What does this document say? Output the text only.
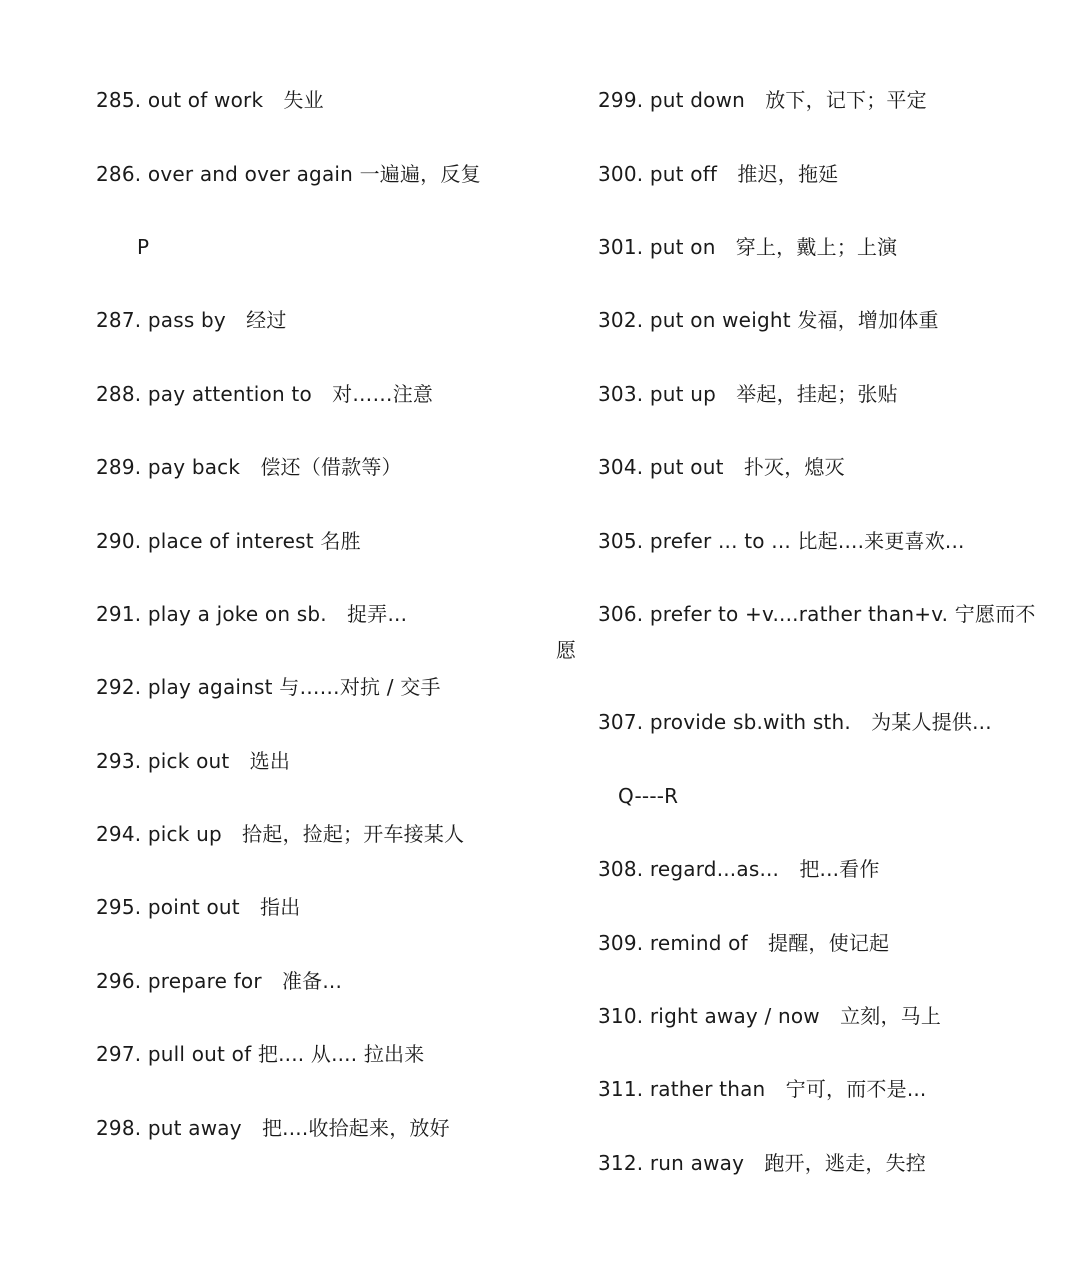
285. out of work　失业
286. over and over again 一遍遍，反复
P
287. pass by　经过
288. pay attention to　对……注意
289. pay back　偿还（借款等）
290. place of interest 名胜
291. play a joke on sb.　捉弄...
292. play against 与……对抗 / 交手
293. pick out　选出
294. pick up　拾起，捡起；开车接某人
295. point out　指出
296. prepare for　准备...
297. pull out of 把.... 从.... 拉出来
298. put away　把....收拾起来，放好
299. put down　放下，记下；平定
300. put off　推迟，拖延
301. put on　穿上，戴上；上演
302. put on weight 发福，增加体重
303. put up　举起，挂起；张贴
304. put out　扑灭，熄灭
305. prefer ... to ... 比起....来更喜欢...
306. prefer to +v....rather than+v. 宁愿而不
愿
307. provide sb.with sth.　为某人提供...
Q----R
308. regard...as...　把...看作
309. remind of　提醒，使记起
310. right away / now　立刻，马上
311. rather than　宁可，而不是...
312. run away　跑开，逃走，失控
